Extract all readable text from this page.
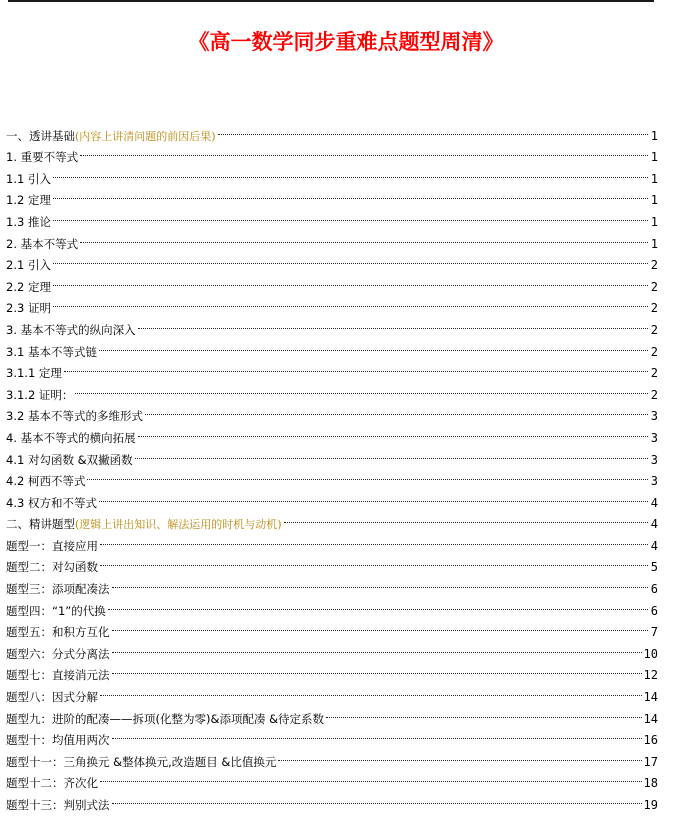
《高一数学同步重难点题型周清》
一、透讲基础(内容上讲清问题的前因后果)	1
1. 重要不等式	1
1.1 引入	1
1.2 定理	1
1.3 推论	1
2. 基本不等式	1
2.1 引入	2
2.2 定理	2
2.3 证明	2
3. 基本不等式的纵向深入	2
3.1 基本不等式链	2
3.1.1 定理	2
3.1.2 证明：	2
3.2 基本不等式的多维形式	3
4. 基本不等式的横向拓展	3
4.1 对勾函数 &双撇函数	3
4.2 柯西不等式	3
4.3 权方和不等式	4
二、精讲题型(逻辑上讲出知识、解法运用的时机与动机)	4
题型一：直接应用	4
题型二：对勾函数	5
题型三：添项配凑法	6
题型四：“1”的代换	6
题型五：和积方互化	7
题型六：分式分离法	10
题型七：直接消元法	12
题型八：因式分解	14
题型九：进阶的配凑——拆项(化整为零)&添项配凑 &待定系数	14
题型十：均值用两次	16
题型十一：三角换元 &整体换元,改造题目 &比值换元	17
题型十二：齐次化	18
题型十三：判别式法	19
